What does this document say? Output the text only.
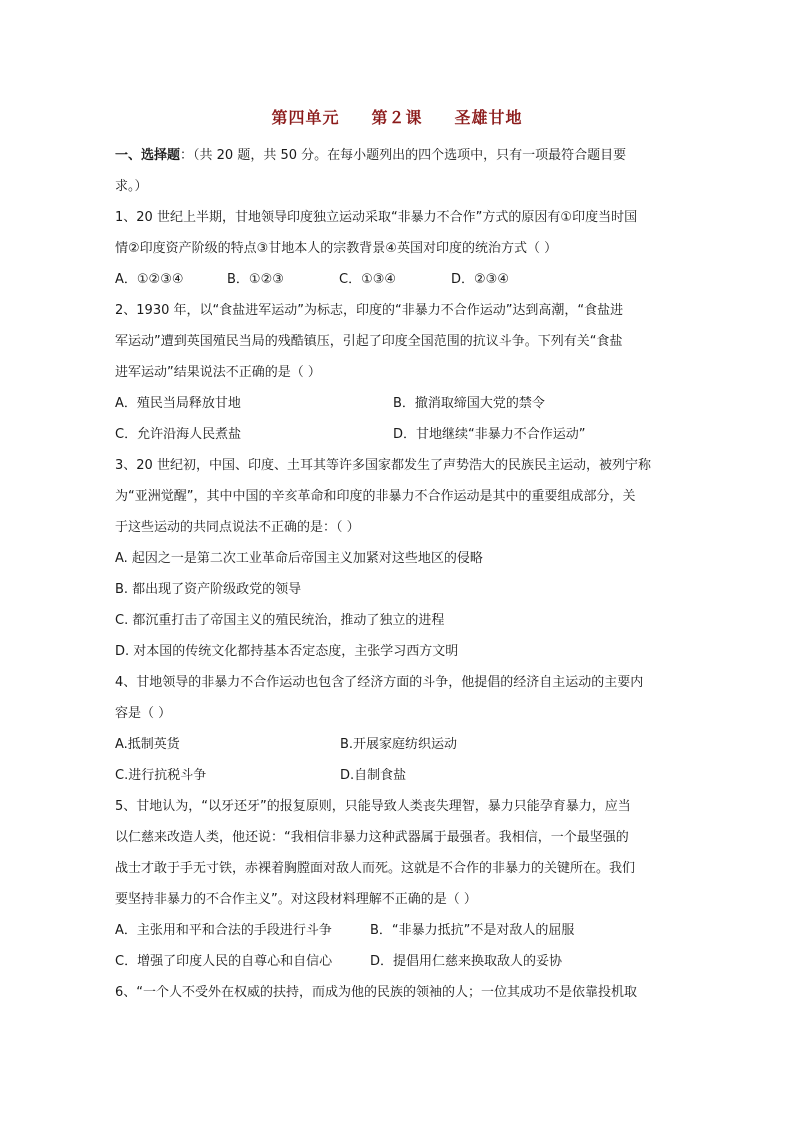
第四单元 第２课 圣雄甘地
一、选择题：（共 20 题，共 50 分。在每小题列出的四个选项中，只有一项最符合题目要
求。）
1、20 世纪上半期，甘地领导印度独立运动采取“非暴力不合作”方式的原因有①印度当时国
情②印度资产阶级的特点③甘地本人的宗教背景④英国对印度的统治方式（ ）
A．①②③④	B．①②③	C．①③④	D．②③④
2、1930 年，以“食盐进军运动”为标志，印度的“非暴力不合作运动”达到高潮，“食盐进
军运动”遭到英国殖民当局的残酷镇压，引起了印度全国范围的抗议斗争。下列有关“食盐
进军运动”结果说法不正确的是（ ）
A．殖民当局释放甘地	B．撤消取缔国大党的禁令
C．允许沿海人民煮盐	D．甘地继续“非暴力不合作运动”
3、20 世纪初，中国、印度、土耳其等许多国家都发生了声势浩大的民族民主运动，被列宁称
为“亚洲觉醒”，其中中国的辛亥革命和印度的非暴力不合作运动是其中的重要组成部分，关
于这些运动的共同点说法不正确的是：（ ）
A. 起因之一是第二次工业革命后帝国主义加紧对这些地区的侵略
B. 都出现了资产阶级政党的领导
C. 都沉重打击了帝国主义的殖民统治，推动了独立的进程
D. 对本国的传统文化都持基本否定态度，主张学习西方文明
4、甘地领导的非暴力不合作运动也包含了经济方面的斗争，他提倡的经济自主运动的主要内
容是（ ）
A.抵制英货	B.开展家庭纺织运动
C.进行抗税斗争	D.自制食盐
5、甘地认为，“以牙还牙”的报复原则，只能导致人类丧失理智，暴力只能孕育暴力，应当
以仁慈来改造人类，他还说：“我相信非暴力这种武器属于最强者。我相信，一个最坚强的
战士才敢于手无寸铁，赤裸着胸膛面对敌人而死。这就是不合作的非暴力的关键所在。我们
要坚持非暴力的不合作主义”。对这段材料理解不正确的是（ ）
A．主张用和平和合法的手段进行斗争	B．“非暴力抵抗”不是对敌人的屈服
C．增强了印度人民的自尊心和自信心	D．提倡用仁慈来换取敌人的妥协
6、“一个人不受外在权威的扶持，而成为他的民族的领袖的人；一位其成功不是依靠投机取
